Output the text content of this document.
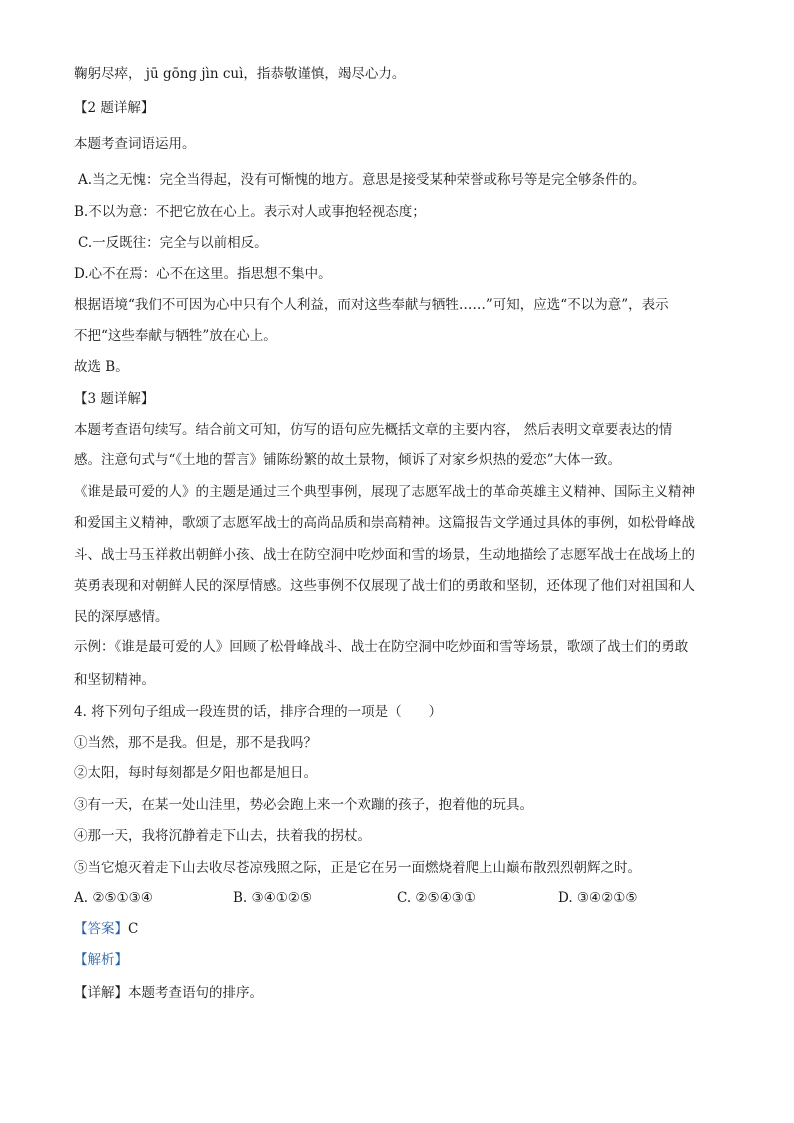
鞠躬尽瘁， jū gōng jìn cuì，指恭敬谨慎，竭尽心力。
【2 题详解】
本题考查词语运用。
A.当之无愧：完全当得起，没有可惭愧的地方。意思是接受某种荣誉或称号等是完全够条件的。
B.不以为意：不把它放在心上。表示对人或事抱轻视态度；
C.一反既往：完全与以前相反。
D.心不在焉：心不在这里。指思想不集中。
根据语境“我们不可因为心中只有个人利益，而对这些奉献与牺牲……”可知，应选“不以为意”，表示
不把“这些奉献与牺牲”放在心上。
故选 B。
【3 题详解】
本题考查语句续写。结合前文可知，仿写的语句应先概括文章的主要内容， 然后表明文章要表达的情
感。注意句式与“《土地的誓言》铺陈纷繁的故土景物，倾诉了对家乡炽热的爱恋”大体一致。
《谁是最可爱的人》的主题是通过三个典型事例，展现了志愿军战士的革命英雄主义精神、国际主义精神
和爱国主义精神，歌颂了志愿军战士的高尚品质和崇高精神。这篇报告文学通过具体的事例，如松骨峰战
斗、战士马玉祥救出朝鲜小孩、战士在防空洞中吃炒面和雪的场景，生动地描绘了志愿军战士在战场上的
英勇表现和对朝鲜人民的深厚情感。这些事例不仅展现了战士们的勇敢和坚韧，还体现了他们对祖国和人
民的深厚感情。
示例：《谁是最可爱的人》回顾了松骨峰战斗、战士在防空洞中吃炒面和雪等场景，歌颂了战士们的勇敢
和坚韧精神。
4. 将下列句子组成一段连贯的话，排序合理的一项是（　　）
①当然，那不是我。但是，那不是我吗？
②太阳，每时每刻都是夕阳也都是旭日。
③有一天，在某一处山洼里，势必会跑上来一个欢蹦的孩子，抱着他的玩具。
④那一天，我将沉静着走下山去，扶着我的拐杖。
⑤当它熄灭着走下山去收尽苍凉残照之际，正是它在另一面燃烧着爬上山巅布散烈烈朝辉之时。
A. ②⑤①③④	B. ③④①②⑤	C. ②⑤④③①	D. ③④②①⑤
【答案】C
【解析】
【详解】本题考查语句的排序。
